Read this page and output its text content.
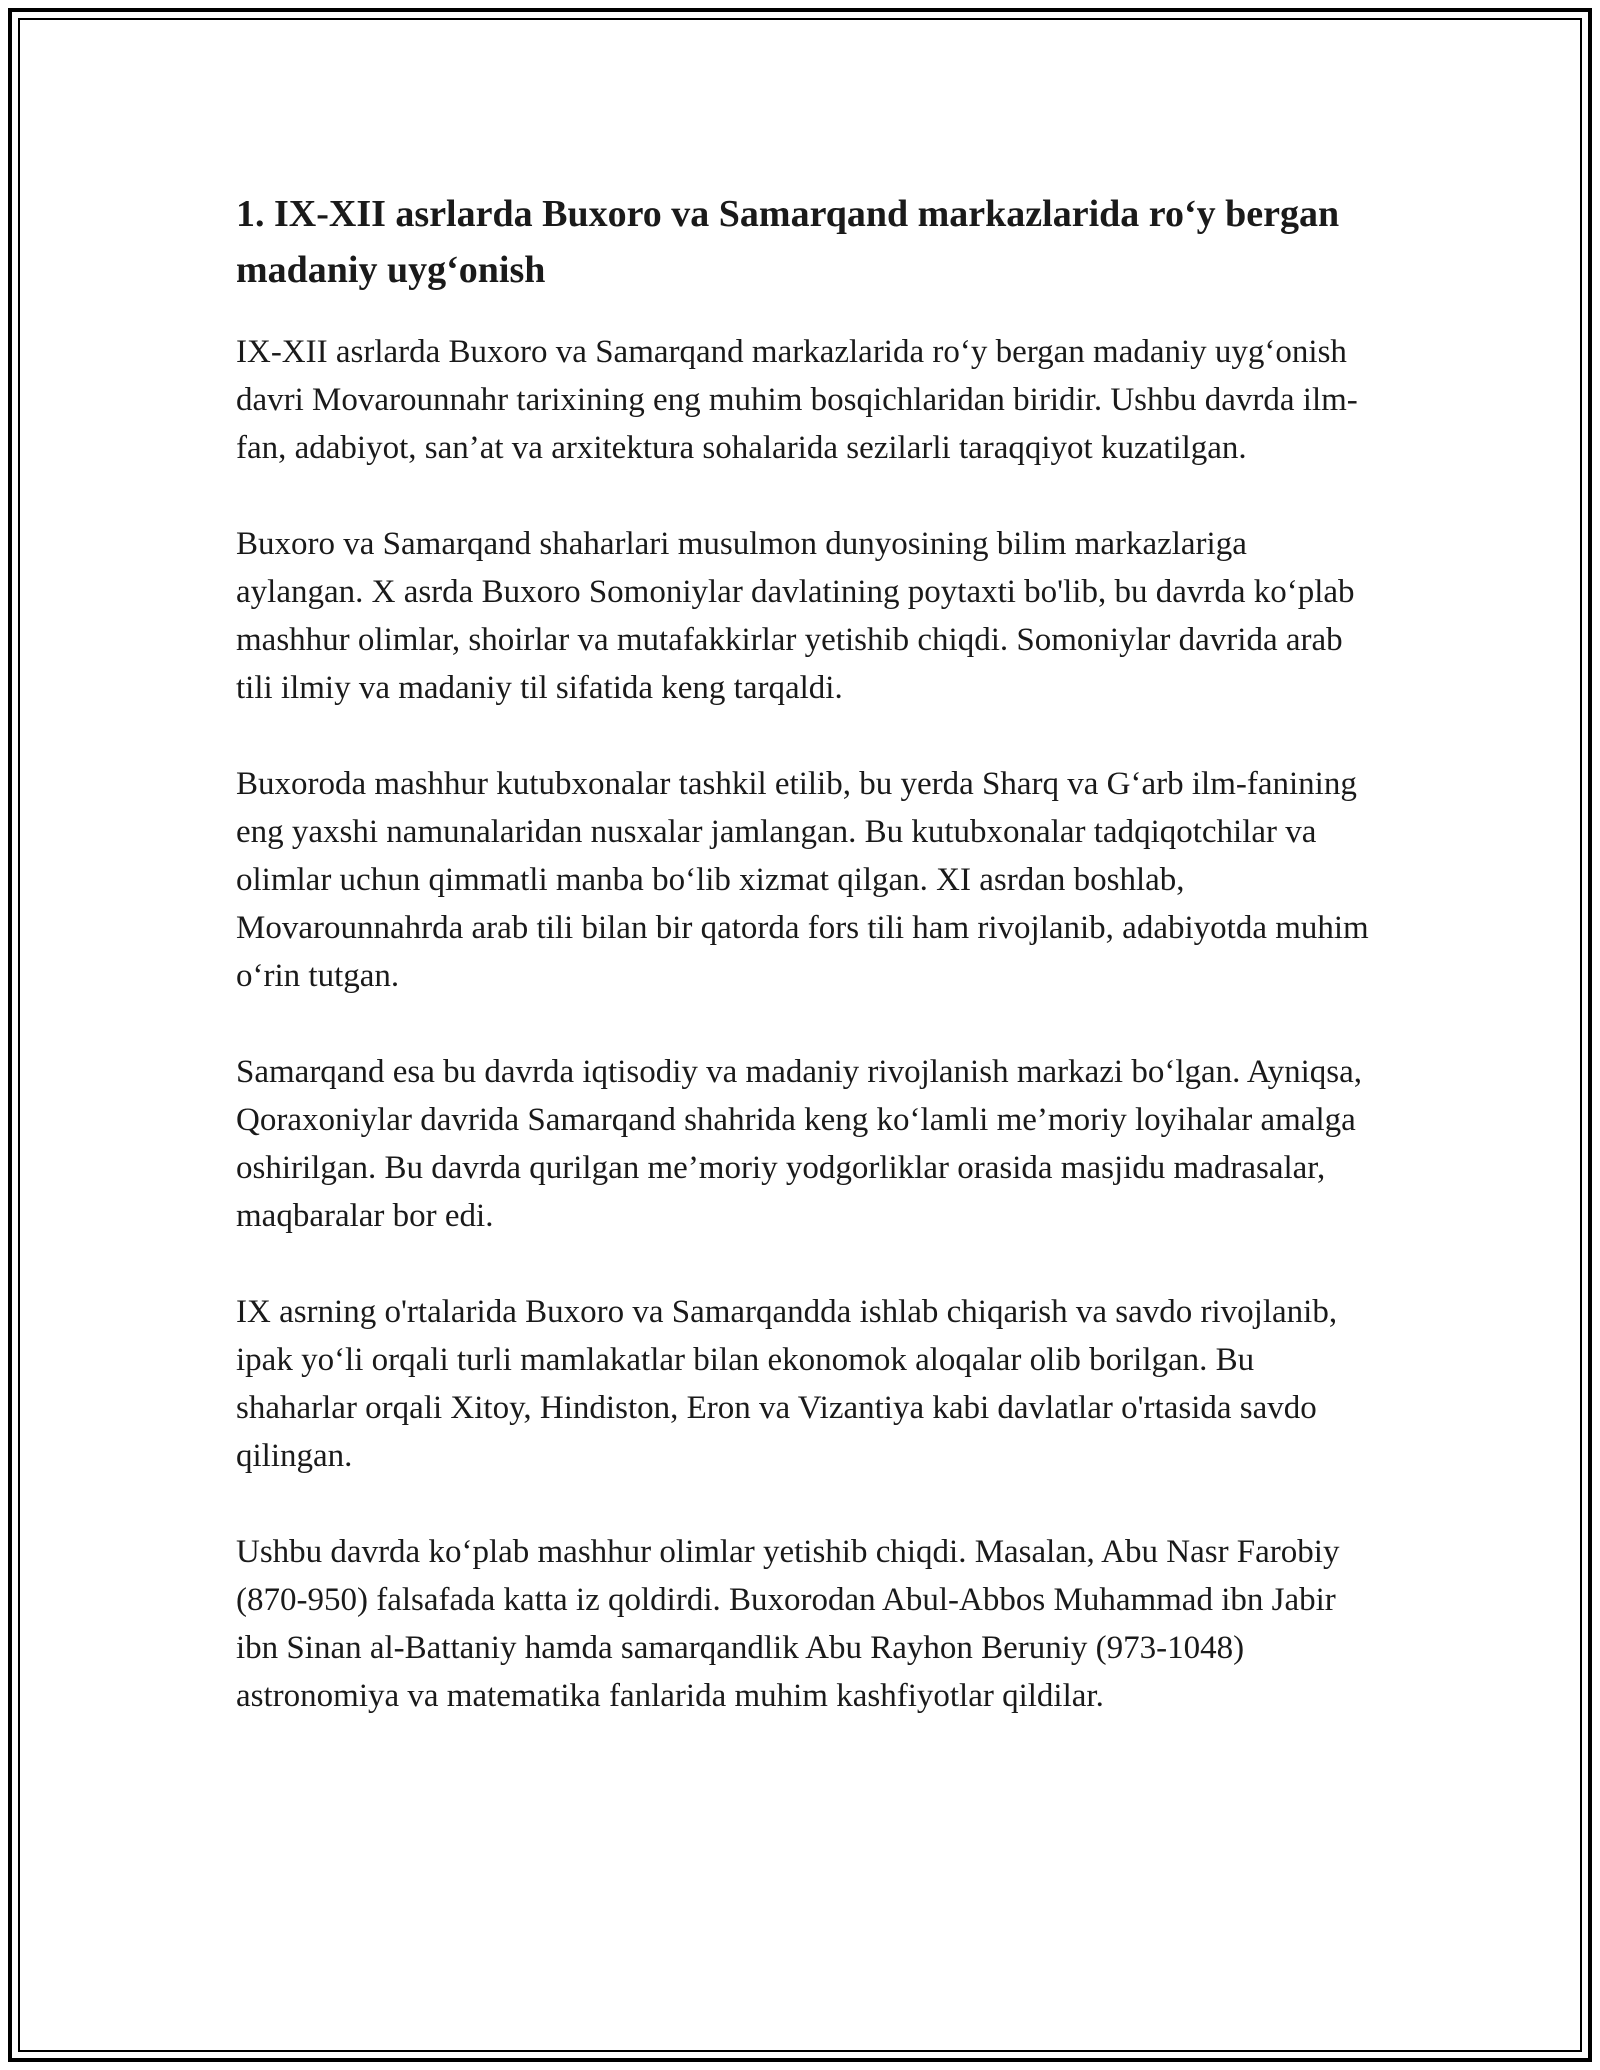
1. IX-XII asrlarda Buxoro va Samarqand markazlarida ro‘y bergan madaniy uyg‘onish

IX-XII asrlarda Buxoro va Samarqand markazlarida ro‘y bergan madaniy uyg‘onish davri Movarounnahr tarixining eng muhim bosqichlaridan biridir. Ushbu davrda ilm-fan, adabiyot, san’at va arxitektura sohalarida sezilarli taraqqiyot kuzatilgan.

Buxoro va Samarqand shaharlari musulmon dunyosining bilim markazlariga aylangan. X asrda Buxoro Somoniylar davlatining poytaxti bo'lib, bu davrda ko‘plab mashhur olimlar, shoirlar va mutafakkirlar yetishib chiqdi. Somoniylar davrida arab tili ilmiy va madaniy til sifatida keng tarqaldi.

Buxoroda mashhur kutubxonalar tashkil etilib, bu yerda Sharq va G‘arb ilm-fanining eng yaxshi namunalaridan nusxalar jamlangan. Bu kutubxonalar tadqiqotchilar va olimlar uchun qimmatli manba bo‘lib xizmat qilgan. XI asrdan boshlab, Movarounnahrda arab tili bilan bir qatorda fors tili ham rivojlanib, adabiyotda muhim o‘rin tutgan.

Samarqand esa bu davrda iqtisodiy va madaniy rivojlanish markazi bo‘lgan. Ayniqsa, Qoraxoniylar davrida Samarqand shahrida keng ko‘lamli me’moriy loyihalar amalga oshirilgan. Bu davrda qurilgan me’moriy yodgorliklar orasida masjidu madrasalar, maqbaralar bor edi.

IX asrning o'rtalarida Buxoro va Samarqandda ishlab chiqarish va savdo rivojlanib, ipak yo‘li orqali turli mamlakatlar bilan ekonomok aloqalar olib borilgan. Bu shaharlar orqali Xitoy, Hindiston, Eron va Vizantiya kabi davlatlar o'rtasida savdo qilingan.

Ushbu davrda ko‘plab mashhur olimlar yetishib chiqdi. Masalan, Abu Nasr Farobiy (870-950) falsafada katta iz qoldirdi. Buxorodan Abul-Abbos Muhammad ibn Jabir ibn Sinan al-Battaniy hamda samarqandlik Abu Rayhon Beruniy (973-1048) astronomiya va matematika fanlarida muhim kashfiyotlar qildilar.
